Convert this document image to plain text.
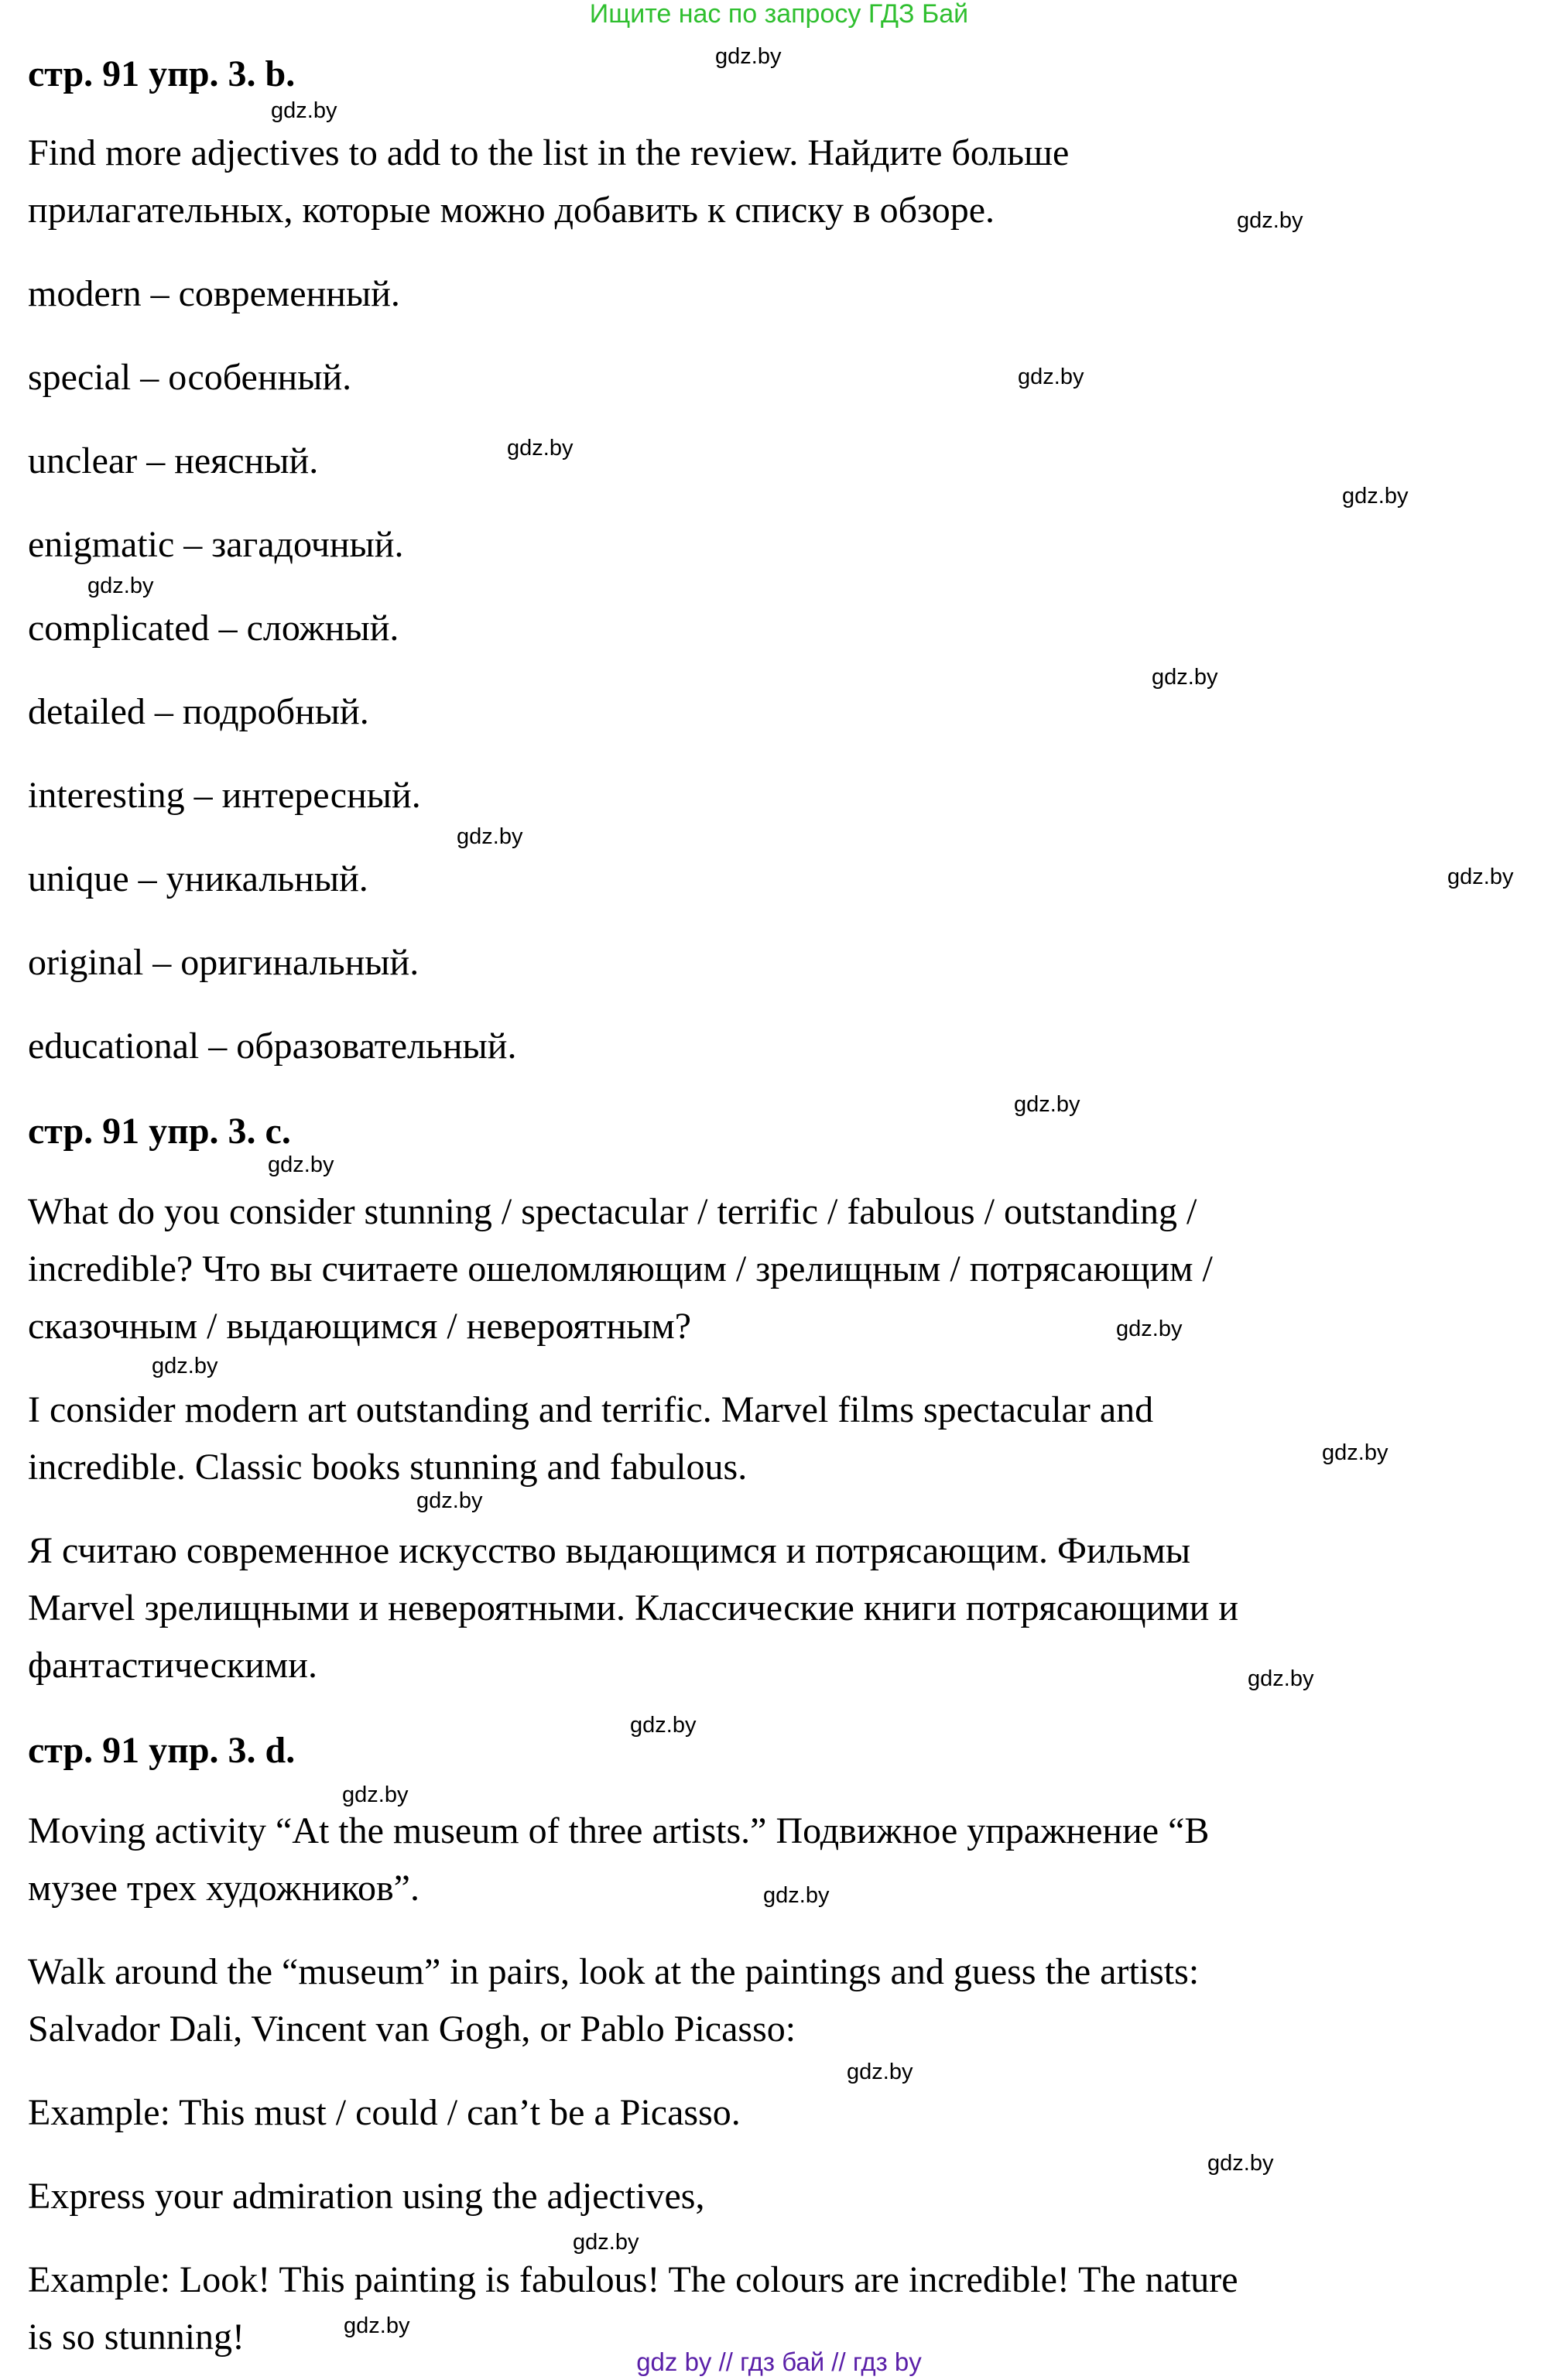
Ищите нас по запросу ГДЗ Бай
стр. 91 упр. 3. b.
Find more adjectives to add to the list in the review. Найдите больше
прилагательных, которые можно добавить к списку в обзоре.
modern – современный.
special – особенный.
unclear – неясный.
enigmatic – загадочный.
complicated – сложный.
detailed – подробный.
interesting – интересный.
unique – уникальный.
original – оригинальный.
educational – образовательный.
стр. 91 упр. 3. c.
What do you consider stunning / spectacular / terrific / fabulous / outstanding /
incredible? Что вы считаете ошеломляющим / зрелищным / потрясающим /
сказочным / выдающимся / невероятным?
I consider modern art outstanding and terrific. Marvel films spectacular and
incredible. Classic books stunning and fabulous.
Я считаю современное искусство выдающимся и потрясающим. Фильмы
Marvel зрелищными и невероятными. Классические книги потрясающими и
фантастическими.
стр. 91 упр. 3. d.
Moving activity “At the museum of three artists.” Подвижное упражнение “В
музее трех художников”.
Walk around the “museum” in pairs, look at the paintings and guess the artists:
Salvador Dali, Vincent van Gogh, or Pablo Picasso:
Example: This must / could / can’t be a Picasso.
Express your admiration using the adjectives,
Example: Look! This painting is fabulous! The colours are incredible! The nature
is so stunning!
gdz.by
gdz.by
gdz.by
gdz.by
gdz.by
gdz.by
gdz.by
gdz.by
gdz.by
gdz.by
gdz.by
gdz.by
gdz.by
gdz.by
gdz.by
gdz.by
gdz.by
gdz.by
gdz.by
gdz.by
gdz.by
gdz.by
gdz.by
gdz.by
gdz by // гдз бай // гдз by
